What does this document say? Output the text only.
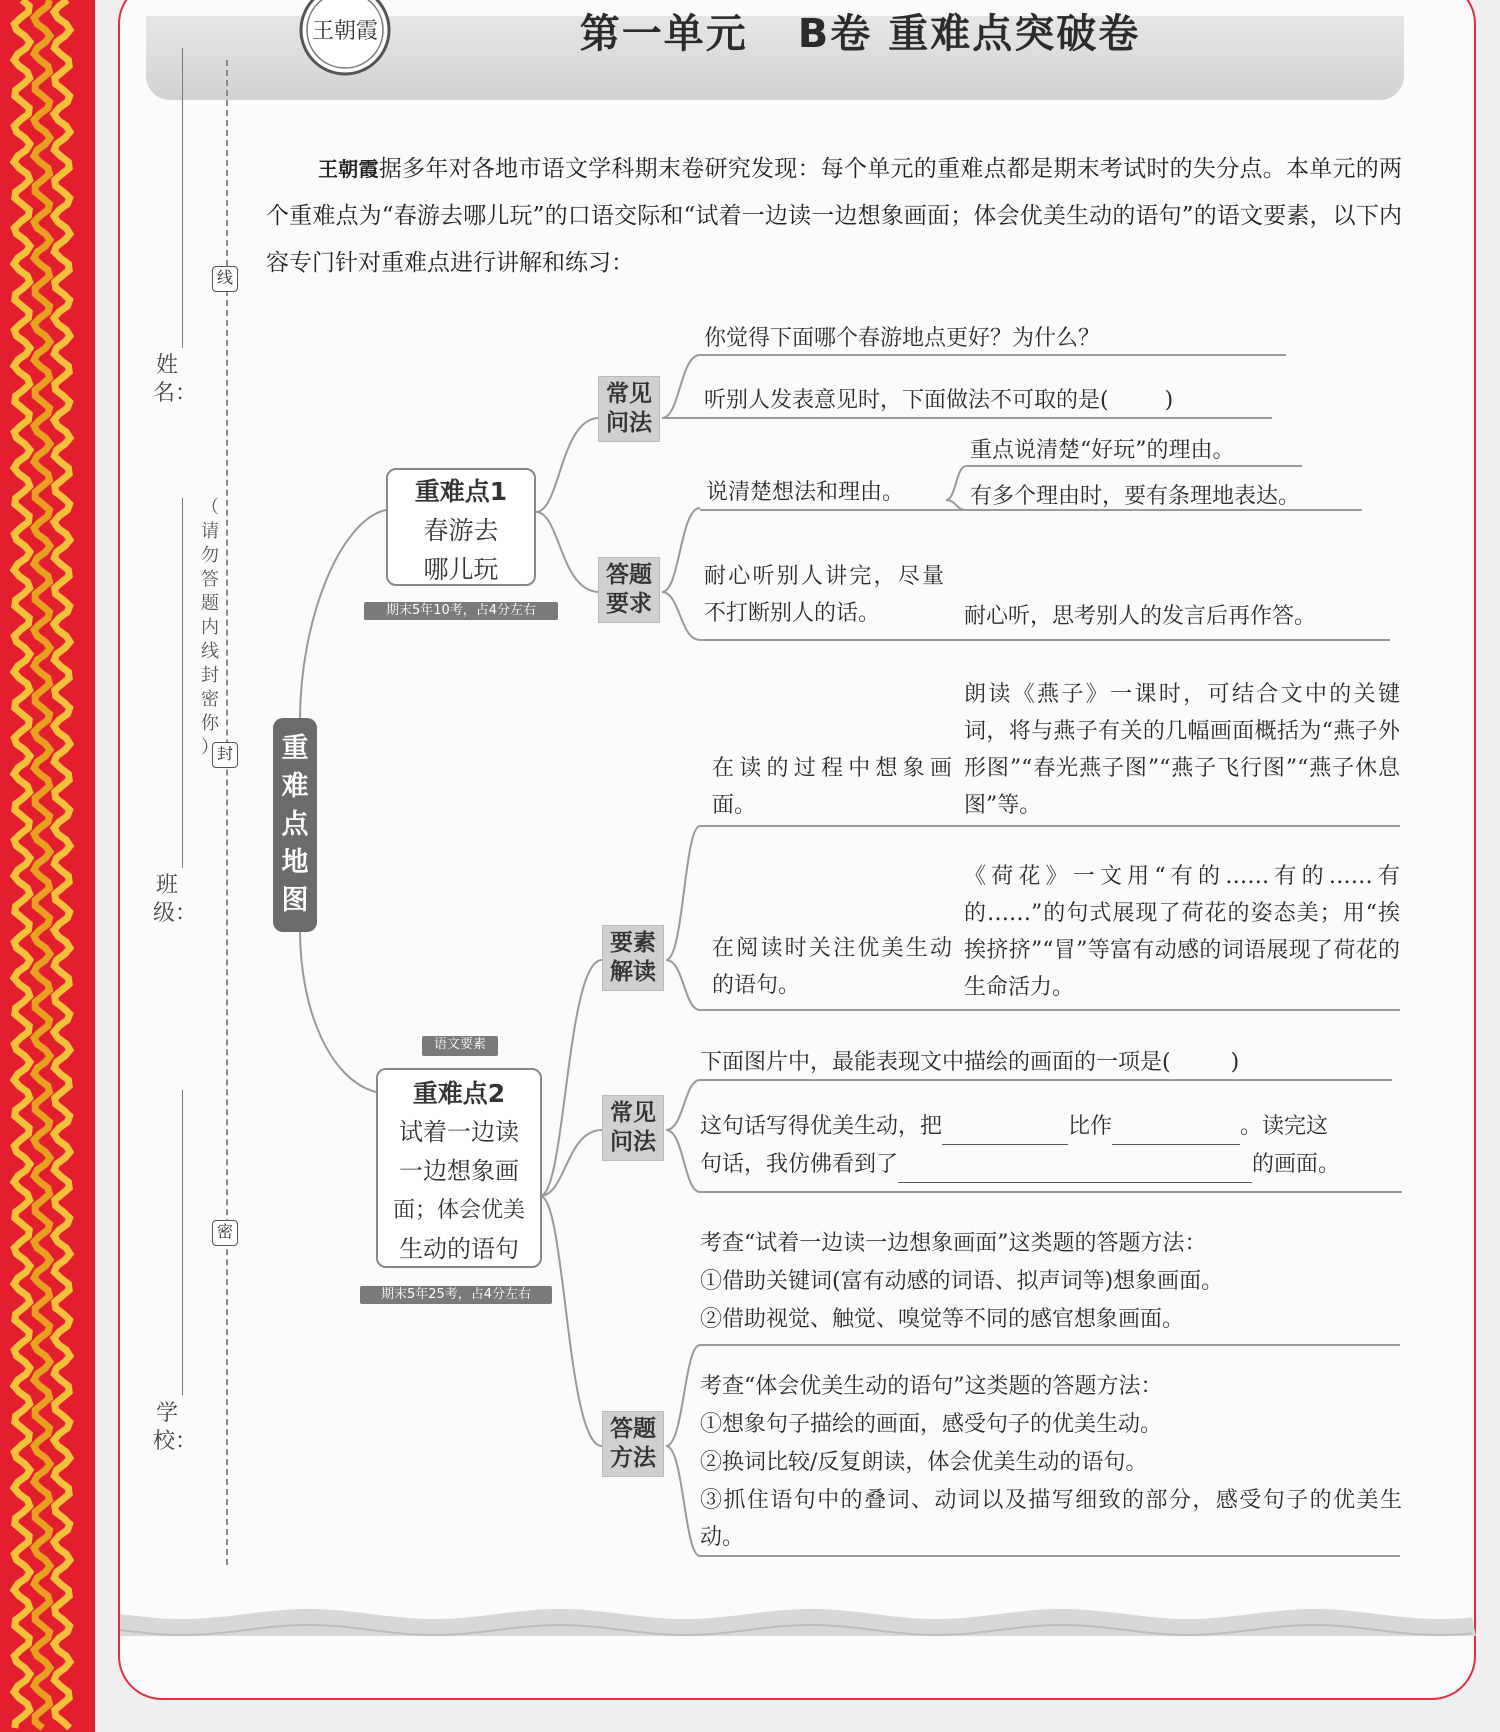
王朝霞	第一单元 B卷 重难点突破卷
线
封
密
（
请
勿
答
题
内
线
封
密
你
）
姓名：
班级：
学校：

王朝霞据多年对各地市语文学科期末卷研究发现：每个单元的重难点都是期末考试时的失分点。本单元的两个重难点为“春游去哪儿玩”的口语交际和“试着一边读一边想象画面；体会优美生动的语句”的语文要素，以下内容专门针对重难点进行讲解和练习：

重难点地图
重难点1
春游去
哪儿玩
期末5年10考，占4分左右
常见问法
答题要求
你觉得下面哪个春游地点更好？为什么？
听别人发表意见时，下面做法不可取的是(	)
说清楚想法和理由。
重点说清楚“好玩”的理由。
有多个理由时，要有条理地表达。
耐心听别人讲完，尽量不打断别人的话。	耐心听，思考别人的发言后再作答。
语文要素
重难点2
试着一边读
一边想象画
面；体会优美
生动的语句
期末5年25考，占4分左右
要素解读
常见问法
答题方法
在读的过程中想象画面。
朗读《燕子》一课时，可结合文中的关键词，将与燕子有关的几幅画面概括为“燕子外形图”“春光燕子图”“燕子飞行图”“燕子休息图”等。
在阅读时关注优美生动的语句。
《荷花》一文用“有的……有的……有的……”的句式展现了荷花的姿态美；用“挨挨挤挤”“冒”等富有动感的词语展现了荷花的生命活力。
下面图片中，最能表现文中描绘的画面的一项是(	)
这句话写得优美生动，把	比作	。读完这
句话，我仿佛看到了	的画面。
考查“试着一边读一边想象画面”这类题的答题方法：
①借助关键词(富有动感的词语、拟声词等)想象画面。
②借助视觉、触觉、嗅觉等不同的感官想象画面。
考查“体会优美生动的语句”这类题的答题方法：
①想象句子描绘的画面，感受句子的优美生动。
②换词比较/反复朗读，体会优美生动的语句。
③抓住语句中的叠词、动词以及描写细致的部分，感受句子的优美生动。
